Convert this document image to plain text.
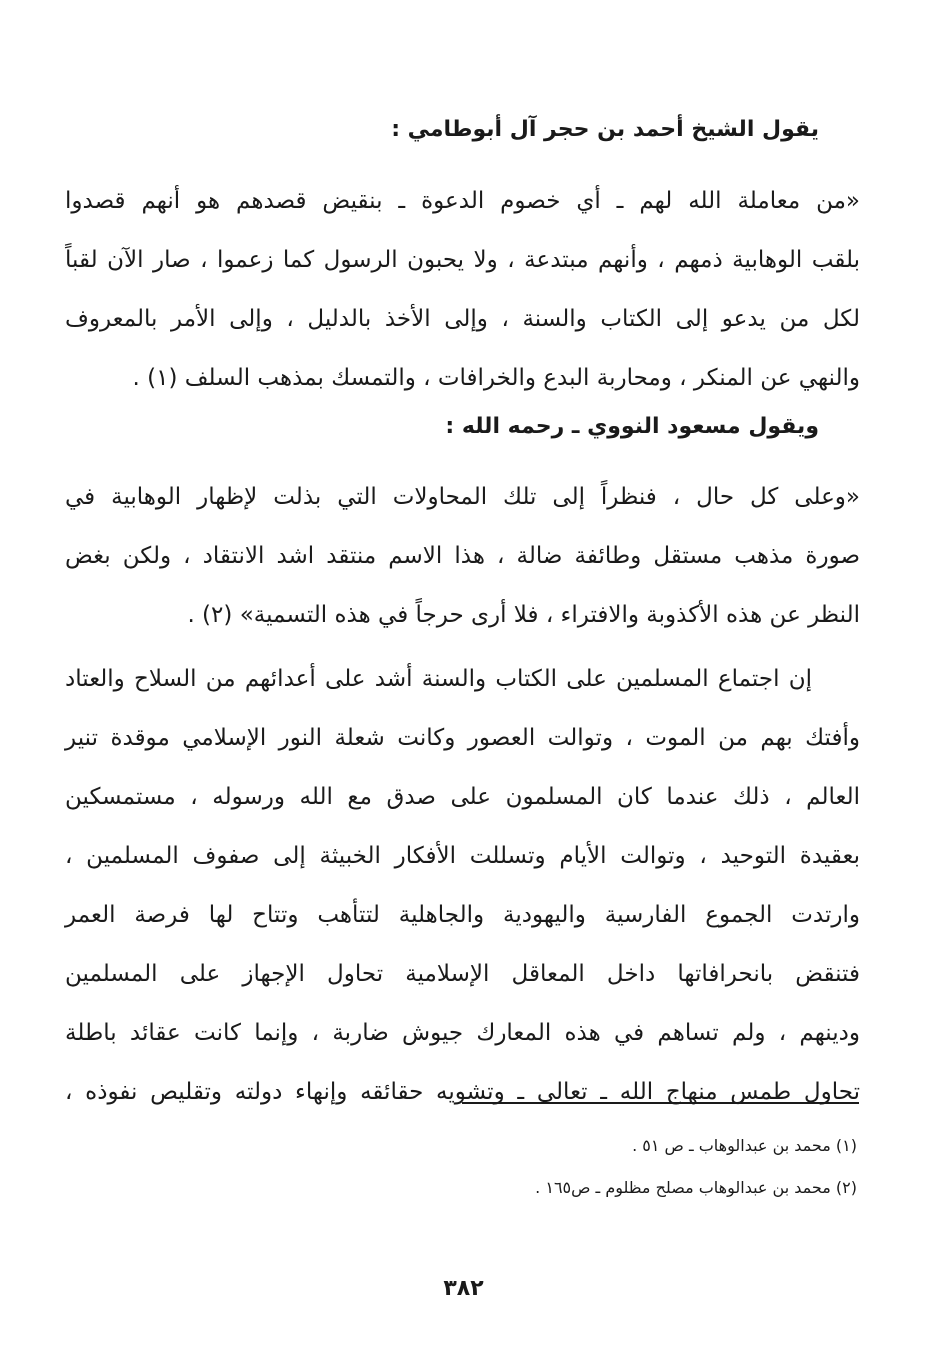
يقول الشيخ أحمد بن حجر آل أبوطامي :
«من معاملة الله لهم ـ أي خصوم الدعوة ـ بنقيض قصدهم هو أنهم قصدوا
بلقب الوهابية ذمهم ، وأنهم مبتدعة ، ولا يحبون الرسول كما زعموا ، صار الآن لقباً
لكل من يدعو إلى الكتاب والسنة ، وإلى الأخذ بالدليل ، وإلى الأمر بالمعروف
والنهي عن المنكر ، ومحاربة البدع والخرافات ، والتمسك بمذهب السلف (١) .
ويقول مسعود النووي ـ رحمه الله :
«وعلى كل حال ، فنظراً إلى تلك المحاولات التي بذلت لإظهار الوهابية في
صورة مذهب مستقل وطائفة ضالة ، هذا الاسم منتقد اشد الانتقاد ، ولكن بغض
النظر عن هذه الأكذوبة والافتراء ، فلا أرى حرجاً في هذه التسمية» (٢) .
إن اجتماع المسلمين على الكتاب والسنة أشد على أعدائهم من السلاح والعتاد
وأفتك بهم من الموت ، وتوالت العصور وكانت شعلة النور الإسلامي موقدة تنير
العالم ، ذلك عندما كان المسلمون على صدق مع الله ورسوله ، مستمسكين
بعقيدة التوحيد ، وتوالت الأيام وتسللت الأفكار الخبيثة إلى صفوف المسلمين ،
وارتدت الجموع الفارسية واليهودية والجاهلية لتتأهب وتتاح لها فرصة العمر
فتنقض بانحرافاتها داخل المعاقل الإسلامية تحاول الإجهاز على المسلمين
ودينهم ، ولم تساهم في هذه المعارك جيوش ضاربة ، وإنما كانت عقائد باطلة
تحاول طمس منهاج الله ـ تعالى ـ وتشويه حقائقه وإنهاء دولته وتقليص نفوذه ،
(١) محمد بن عبدالوهاب ـ ص ٥١ .
(٢) محمد بن عبدالوهاب مصلح مظلوم ـ ص١٦٥ .
٣٨٢
